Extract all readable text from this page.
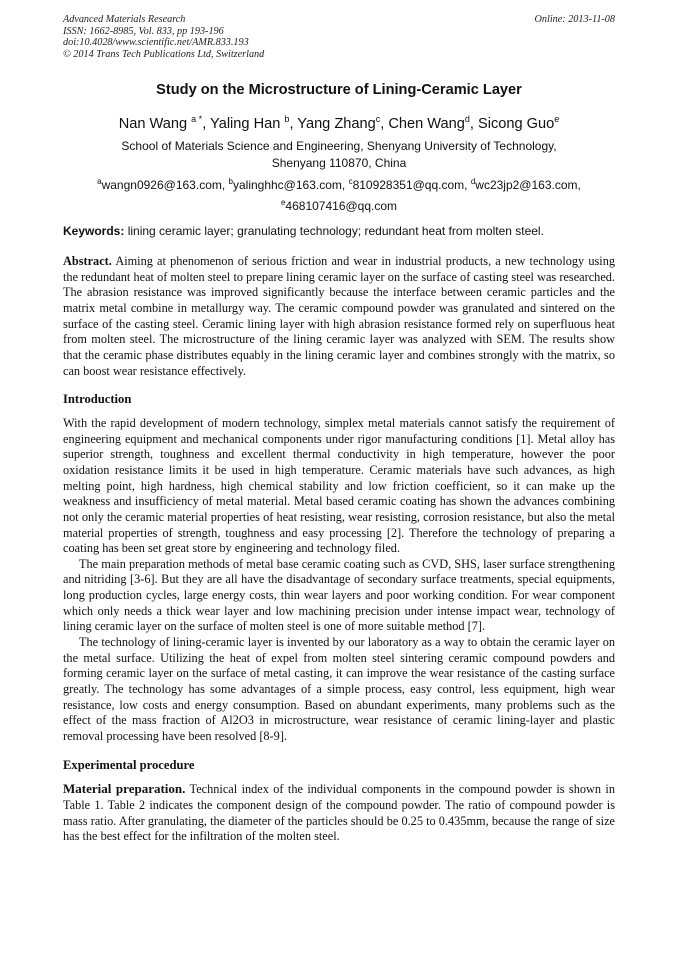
Advanced Materials Research
ISSN: 1662-8985, Vol. 833, pp 193-196
doi:10.4028/www.scientific.net/AMR.833.193
© 2014 Trans Tech Publications Ltd, Switzerland
Online: 2013-11-08
Study on the Microstructure of Lining-Ceramic Layer
Nan Wang $^{a *}$, Yaling Han $^b$, Yang Zhang$^c$, Chen Wang$^d$, Sicong Guo$^e$
School of Materials Science and Engineering, Shenyang University of Technology,
Shenyang 110870, China
$^a$wangn0926@163.com, $^b$yalinghhc@163.com, $^c$810928351@qq.com, $^d$wc23jp2@163.com,
$^e$468107416@qq.com
Keywords: lining ceramic layer; granulating technology; redundant heat from molten steel.

Abstract. Aiming at phenomenon of serious friction and wear in industrial products, a new technology using the redundant heat of molten steel to prepare lining ceramic layer on the surface of casting steel was researched. The abrasion resistance was improved significantly because the interface between ceramic particles and the matrix metal combine in metallurgy way. The ceramic compound powder was granulated and sintered on the surface of the casting steel. Ceramic lining layer with high abrasion resistance formed rely on superfluous heat from molten steel. The microstructure of the lining ceramic layer was analyzed with SEM. The results show that the ceramic phase distributes equably in the lining ceramic layer and combines strongly with the matrix, so can boost wear resistance effectively.

Introduction

With the rapid development of modern technology, simplex metal materials cannot satisfy the requirement of engineering equipment and mechanical components under rigor manufacturing conditions [1]. Metal alloy has superior strength, toughness and excellent thermal conductivity in high temperature, however the poor oxidation resistance limits it be used in high temperature. Ceramic materials have such advances, as high melting point, high hardness, high chemical stability and low friction coefficient, so it can make up the weakness and insufficiency of metal material. Metal based ceramic coating has shown the advances combining not only the ceramic material properties of heat resisting, wear resisting, corrosion resistance, but also the metal material properties of strength, toughness and easy processing [2]. Therefore the technology of preparing a coating has been set great store by engineering and technology filed.

The main preparation methods of metal base ceramic coating such as CVD, SHS, laser surface strengthening and nitriding [3-6]. But they are all have the disadvantage of secondary surface treatments, special equipments, long production cycles, large energy costs, thin wear layers and poor working condition. For wear component which only needs a thick wear layer and low machining precision under intense impact wear, technology of lining ceramic layer on the surface of molten steel is one of more suitable method [7].

The technology of lining-ceramic layer is invented by our laboratory as a way to obtain the ceramic layer on the metal surface. Utilizing the heat of expel from molten steel sintering ceramic compound powders and forming ceramic layer on the surface of metal casting, it can improve the wear resistance of the casting surface greatly. The technology has some advantages of a simple process, easy control, less equipment, high wear resistance, low costs and energy consumption. Based on abundant experiments, many problems such as the effect of the mass fraction of Al2O3 in microstructure, wear resistance of ceramic lining-layer and plastic removal processing have been resolved [8-9].

Experimental procedure

Material preparation. Technical index of the individual components in the compound powder is shown in Table 1. Table 2 indicates the component design of the compound powder. The ratio of compound powder is mass ratio. After granulating, the diameter of the particles should be 0.25 to 0.435mm, because the range of size has the best effect for the infiltration of the molten steel.
